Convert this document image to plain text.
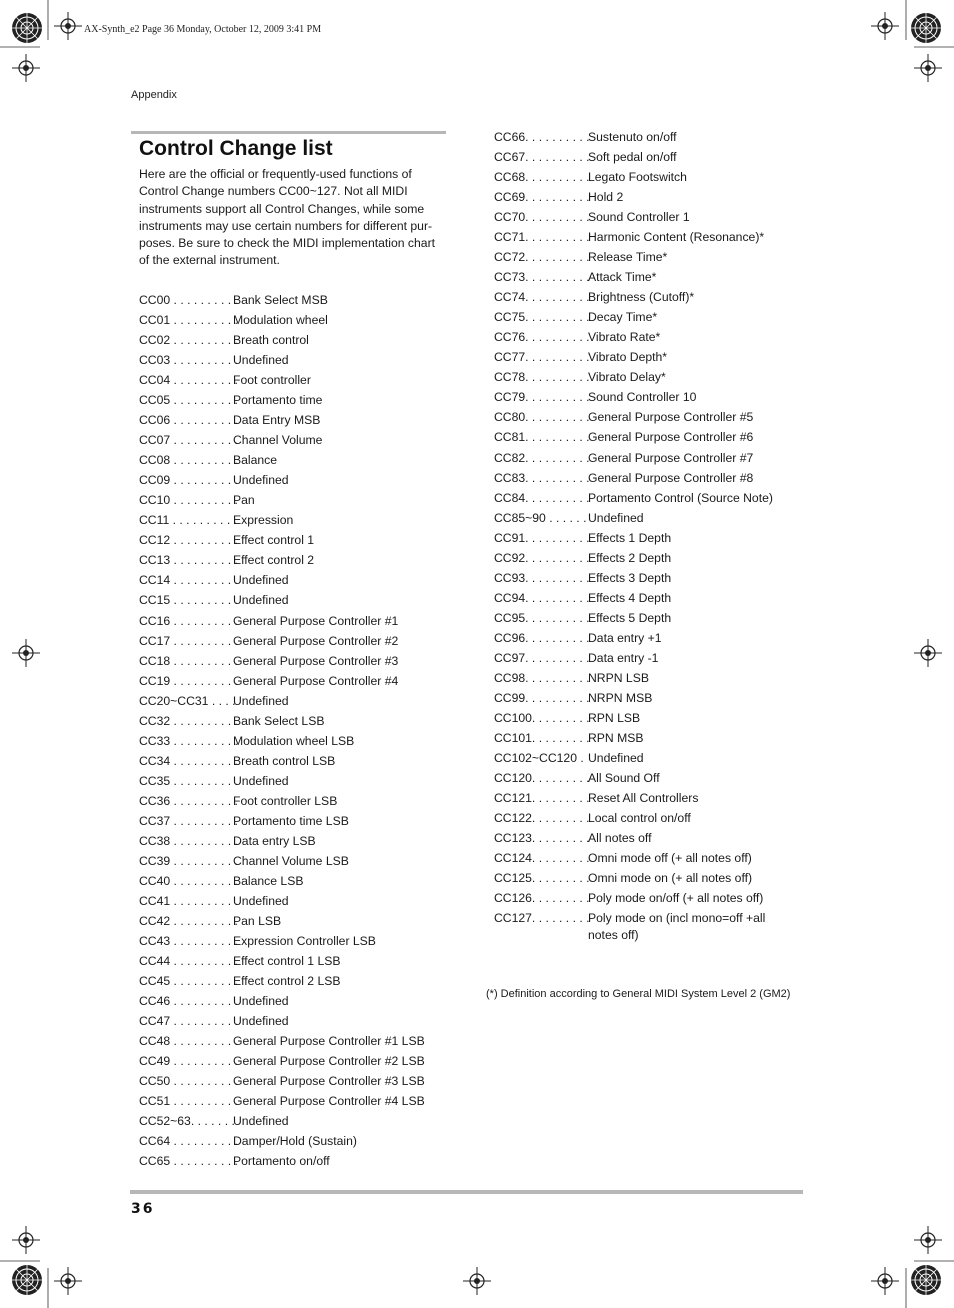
AX-Synth_e2 Page 36 Monday, October 12, 2009 3:41 PM
Appendix
Control Change list

Here are the official or frequently-used functions of Control Change numbers CC00~127. Not all MIDI instruments support all Control Changes, while some instruments may use certain numbers for different pur-poses. Be sure to check the MIDI implementation chart of the external instrument.

CC00 . . . . . . . . . .
Bank Select MSB
CC01 . . . . . . . . . .
Modulation wheel
CC02 . . . . . . . . . .
Breath control
CC03 . . . . . . . . . .
Undefined
CC04 . . . . . . . . . .
Foot controller
CC05 . . . . . . . . . .
Portamento time
CC06 . . . . . . . . . .
Data Entry MSB
CC07 . . . . . . . . . .
Channel Volume
CC08 . . . . . . . . . .
Balance
CC09 . . . . . . . . . .
Undefined
CC10 . . . . . . . . . .
Pan
CC11 . . . . . . . . . .
Expression
CC12 . . . . . . . . . .
Effect control 1
CC13 . . . . . . . . . .
Effect control 2
CC14 . . . . . . . . . .
Undefined
CC15 . . . . . . . . . .
Undefined
CC16 . . . . . . . . . .
General Purpose Controller #1
CC17 . . . . . . . . . .
General Purpose Controller #2
CC18 . . . . . . . . . .
General Purpose Controller #3
CC19 . . . . . . . . . .
General Purpose Controller #4
CC20~CC31 . . . .
Undefined
CC32 . . . . . . . . . .
Bank Select LSB
CC33 . . . . . . . . . .
Modulation wheel LSB
CC34 . . . . . . . . . .
Breath control LSB
CC35 . . . . . . . . . .
Undefined
CC36 . . . . . . . . . .
Foot controller LSB
CC37 . . . . . . . . . .
Portamento time LSB
CC38 . . . . . . . . . .
Data entry LSB
CC39 . . . . . . . . . .
Channel Volume LSB
CC40 . . . . . . . . . .
Balance LSB
CC41 . . . . . . . . . .
Undefined
CC42 . . . . . . . . . .
Pan LSB
CC43 . . . . . . . . . .
Expression Controller LSB
CC44 . . . . . . . . . .
Effect control 1 LSB
CC45 . . . . . . . . . .
Effect control 2 LSB
CC46 . . . . . . . . . .
Undefined
CC47 . . . . . . . . . .
Undefined
CC48 . . . . . . . . . .
General Purpose Controller #1 LSB
CC49 . . . . . . . . . .
General Purpose Controller #2 LSB
CC50 . . . . . . . . . .
General Purpose Controller #3 LSB
CC51 . . . . . . . . . .
General Purpose Controller #4 LSB
CC52~63. . . . . . .
Undefined
CC64 . . . . . . . . . .
Damper/Hold (Sustain)
CC65 . . . . . . . . . .
Portamento on/off
CC66. . . . . . . . . .
Sustenuto on/off
CC67. . . . . . . . . .
Soft pedal on/off
CC68. . . . . . . . . .
Legato Footswitch
CC69. . . . . . . . . .
Hold 2
CC70. . . . . . . . . .
Sound Controller 1
CC71. . . . . . . . . .
Harmonic Content (Resonance)*
CC72. . . . . . . . . .
Release Time*
CC73. . . . . . . . . .
Attack Time*
CC74. . . . . . . . . .
Brightness (Cutoff)*
CC75. . . . . . . . . .
Decay Time*
CC76. . . . . . . . . .
Vibrato Rate*
CC77. . . . . . . . . .
Vibrato Depth*
CC78. . . . . . . . . .
Vibrato Delay*
CC79. . . . . . . . . .
Sound Controller 10
CC80. . . . . . . . . .
General Purpose Controller #5
CC81. . . . . . . . . .
General Purpose Controller #6
CC82. . . . . . . . . .
General Purpose Controller #7
CC83. . . . . . . . . .
General Purpose Controller #8
CC84. . . . . . . . . .
Portamento Control (Source Note)
CC85~90 . . . . . . Undefined
CC91. . . . . . . . . .
Effects 1 Depth
CC92. . . . . . . . . .
Effects 2 Depth
CC93. . . . . . . . . .
Effects 3 Depth
CC94. . . . . . . . . .
Effects 4 Depth
CC95. . . . . . . . . .
Effects 5 Depth
CC96. . . . . . . . . .
Data entry +1
CC97. . . . . . . . . .
Data entry -1
CC98. . . . . . . . . .
NRPN LSB
CC99. . . . . . . . . .
NRPN MSB
CC100. . . . . . . . .
RPN LSB
CC101. . . . . . . . .
RPN MSB
CC102~CC120 . Undefined
CC120. . . . . . . . .
All Sound Off
CC121. . . . . . . . .
Reset All Controllers
CC122. . . . . . . . .
Local control on/off
CC123. . . . . . . . .
All notes off
CC124. . . . . . . . .
Omni mode off (+ all notes off)
CC125. . . . . . . . .
Omni mode on (+ all notes off)
CC126. . . . . . . . .
Poly mode on/off (+ all notes off)
CC127. . . . . . . . .
Poly mode on (incl mono=off +all notes off)
(*) Definition according to General MIDI System Level 2 (GM2)
36
